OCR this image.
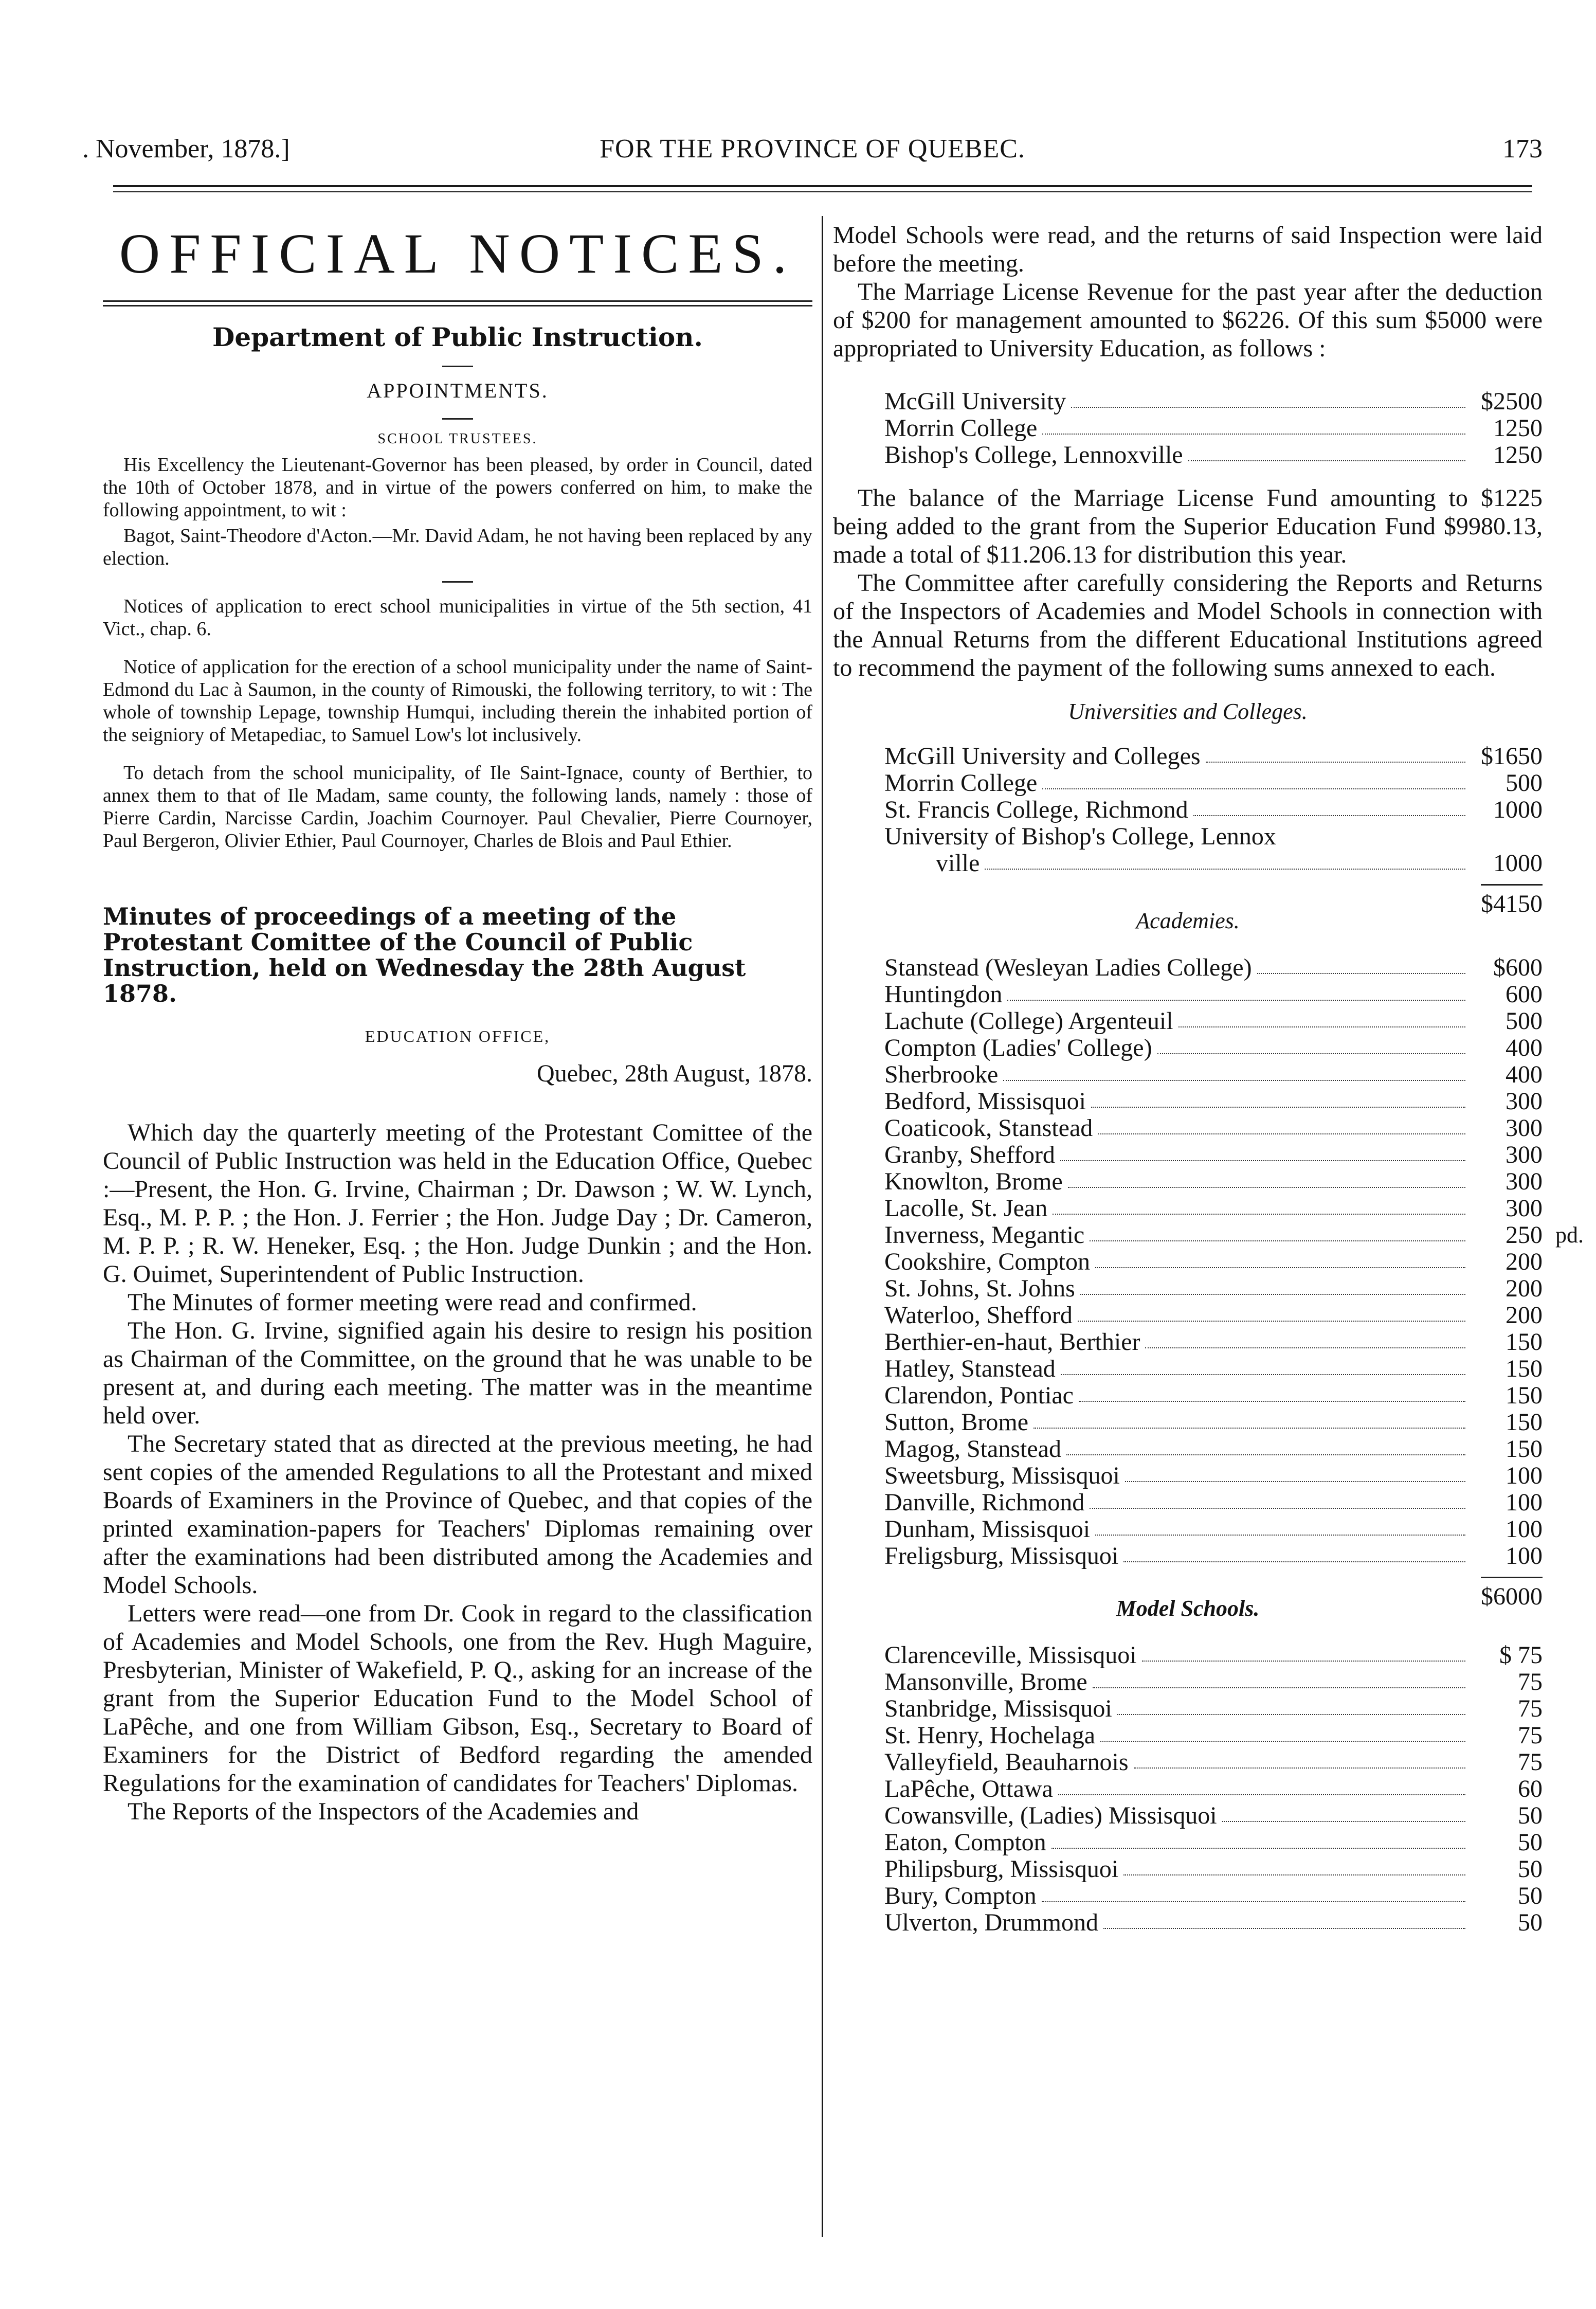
. November, 1878.]	FOR THE PROVINCE OF QUEBEC.	173
OFFICIAL NOTICES.
Department of Public Instruction.
APPOINTMENTS.
SCHOOL TRUSTEES.

His Excellency the Lieutenant-Governor has been pleased, by order in Council, dated the 10th of October 1878, and in virtue of the powers conferred on him, to make the following appointment, to wit :

Bagot, Saint-Theodore d'Acton.—Mr. David Adam, he not having been replaced by any election.

Notices of application to erect school municipalities in virtue of the 5th section, 41 Vict., chap. 6.

Notice of application for the erection of a school municipality under the name of Saint-Edmond du Lac à Saumon, in the county of Rimouski, the following territory, to wit : The whole of township Lepage, township Humqui, including therein the inhabited portion of the seigniory of Metapediac, to Samuel Low's lot inclusively.

To detach from the school municipality, of Ile Saint-Ignace, county of Berthier, to annex them to that of Ile Madam, same county, the following lands, namely : those of Pierre Cardin, Narcisse Cardin, Joachim Cournoyer. Paul Chevalier, Pierre Cournoyer, Paul Bergeron, Olivier Ethier, Paul Cournoyer, Charles de Blois and Paul Ethier.

Minutes of proceedings of a meeting of the Protestant Comittee of the Council of Public Instruction, held on Wednesday the 28th August 1878.
EDUCATION OFFICE,
Quebec, 28th August, 1878.

Which day the quarterly meeting of the Protestant Comittee of the Council of Public Instruction was held in the Education Office, Quebec :—Present, the Hon. G. Irvine, Chairman ; Dr. Dawson ; W. W. Lynch, Esq., M. P. P. ; the Hon. J. Ferrier ; the Hon. Judge Day ; Dr. Cameron, M. P. P. ; R. W. Heneker, Esq. ; the Hon. Judge Dunkin ; and the Hon. G. Ouimet, Superintendent of Public Instruction.

The Minutes of former meeting were read and confirmed.

The Hon. G. Irvine, signified again his desire to resign his position as Chairman of the Committee, on the ground that he was unable to be present at, and during each meeting. The matter was in the meantime held over.

The Secretary stated that as directed at the previous meeting, he had sent copies of the amended Regulations to all the Protestant and mixed Boards of Examiners in the Province of Quebec, and that copies of the printed examination-papers for Teachers' Diplomas remaining over after the examinations had been distributed among the Academies and Model Schools.

Letters were read—one from Dr. Cook in regard to the classification of Academies and Model Schools, one from the Rev. Hugh Maguire, Presbyterian, Minister of Wakefield, P. Q., asking for an increase of the grant from the Superior Education Fund to the Model School of LaPêche, and one from William Gibson, Esq., Secretary to Board of Examiners for the District of Bedford regarding the amended Regulations for the examination of candidates for Teachers' Diplomas.

The Reports of the Inspectors of the Academies and

Model Schools were read, and the returns of said Inspection were laid before the meeting.

The Marriage License Revenue for the past year after the deduction of $200 for management amounted to $6226. Of this sum $5000 were appropriated to University Education, as follows :

McGill University	$2500
Morrin College	1250
Bishop's College, Lennoxville	1250

The balance of the Marriage License Fund amounting to $1225 being added to the grant from the Superior Education Fund $9980.13, made a total of $11.206.13 for distribution this year.

The Committee after carefully considering the Reports and Returns of the Inspectors of Academies and Model Schools in connection with the Annual Returns from the different Educational Institutions agreed to recommend the payment of the following sums annexed to each.

Universities and Colleges.
McGill University and Colleges	$1650
Morrin College	500
St. Francis College, Richmond	1000
University of Bishop's College, Lennox
ville	1000
$4150
Academies.
Stanstead (Wesleyan Ladies College)	$600
Huntingdon	600
Lachute (College) Argenteuil	500
Compton (Ladies' College)	400
Sherbrooke	400
Bedford, Missisquoi	300
Coaticook, Stanstead	300
Granby, Shefford	300
Knowlton, Brome	300
Lacolle, St. Jean	300
Inverness, Megantic	250 pd.
Cookshire, Compton	200
St. Johns, St. Johns	200
Waterloo, Shefford	200
Berthier-en-haut, Berthier	150
Hatley, Stanstead	150
Clarendon, Pontiac	150
Sutton, Brome	150
Magog, Stanstead	150
Sweetsburg, Missisquoi	100
Danville, Richmond	100
Dunham, Missisquoi	100
Freligsburg, Missisquoi	100
$6000
Model Schools.
Clarenceville, Missisquoi	$ 75
Mansonville, Brome	75
Stanbridge, Missisquoi	75
St. Henry, Hochelaga	75
Valleyfield, Beauharnois	75
LaPêche, Ottawa	60
Cowansville, (Ladies) Missisquoi	50
Eaton, Compton	50
Philipsburg, Missisquoi	50
Bury, Compton	50
Ulverton, Drummond	50
